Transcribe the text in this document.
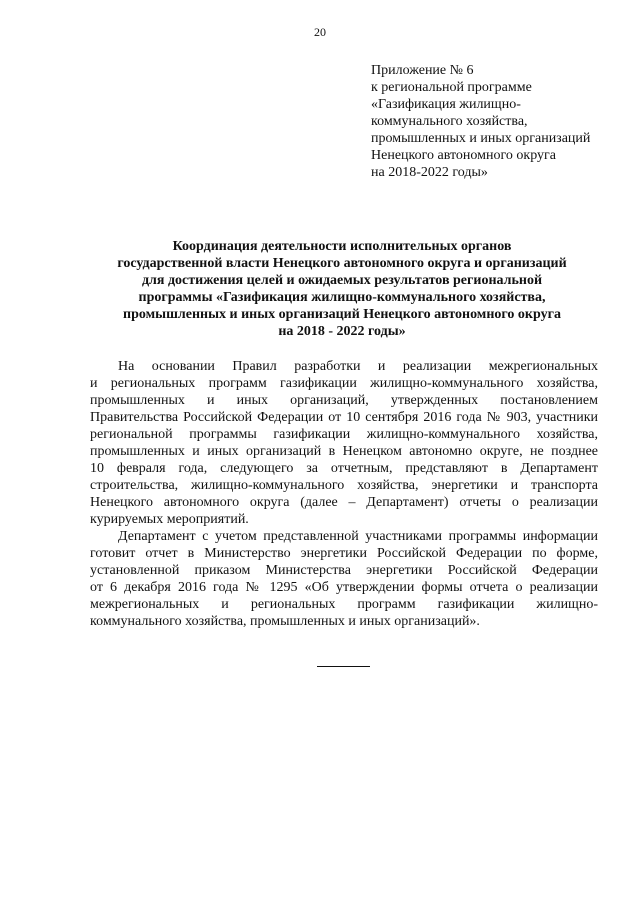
20
Приложение № 6
к региональной программе
«Газификация жилищно-
коммунального хозяйства,
промышленных и иных организаций
Ненецкого автономного округа
на 2018-2022 годы»
Координация деятельности исполнительных органов
государственной власти Ненецкого автономного округа и организаций
для достижения целей и ожидаемых результатов региональной
программы «Газификация жилищно-коммунального хозяйства,
промышленных и иных организаций Ненецкого автономного округа
на 2018 - 2022 годы»
На основании Правил разработки и реализации межрегиональных
и региональных программ газификации жилищно-коммунального хозяйства,
промышленных и иных организаций, утвержденных постановлением
Правительства Российской Федерации от 10 сентября 2016 года № 903, участники
региональной программы газификации жилищно-коммунального хозяйства,
промышленных и иных организаций в Ненецком автономно округе, не позднее
10 февраля года, следующего за отчетным, представляют в Департамент
строительства, жилищно-коммунального хозяйства, энергетики и транспорта
Ненецкого автономного округа (далее – Департамент) отчеты о реализации
курируемых мероприятий.
Департамент с учетом представленной участниками программы информации
готовит отчет в Министерство энергетики Российской Федерации по форме,
установленной приказом Министерства энергетики Российской Федерации
от 6 декабря 2016 года № 1295 «Об утверждении формы отчета о реализации
межрегиональных и региональных программ газификации жилищно-
коммунального хозяйства, промышленных и иных организаций».
